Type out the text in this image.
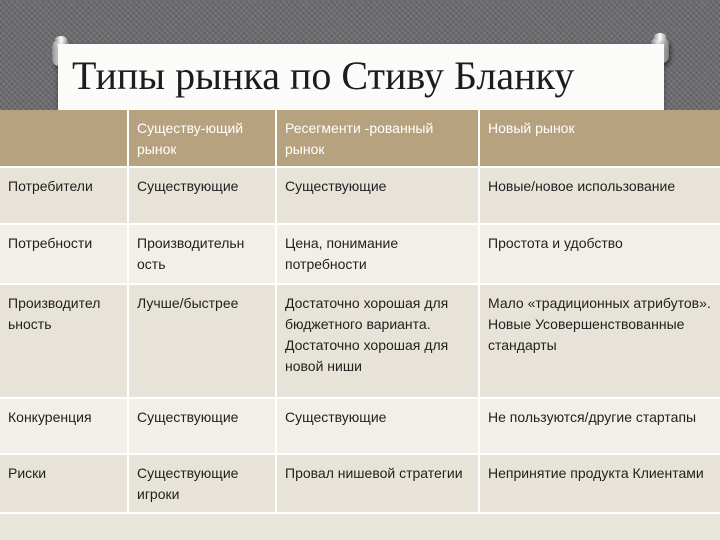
Типы рынка по Стиву Бланку
	Существу-ющий рынок	Ресегменти -рованный рынок	Новый рынок
Потребители	Существующие	Существующие	Новые/новое использование
Потребности	Производительн ость	Цена, понимание потребности	Простота и удобство
Производител ьность	Лучше/быстрее	Достаточно хорошая для бюджетного варианта. Достаточно хорошая для новой ниши	Мало «традиционных атрибутов». Новые Усовершенствованные стандарты
Конкуренция	Существующие	Существующие	Не пользуются/другие стартапы
Риски	Существующие игроки	Провал нишевой стратегии	Непринятие продукта Клиентами
